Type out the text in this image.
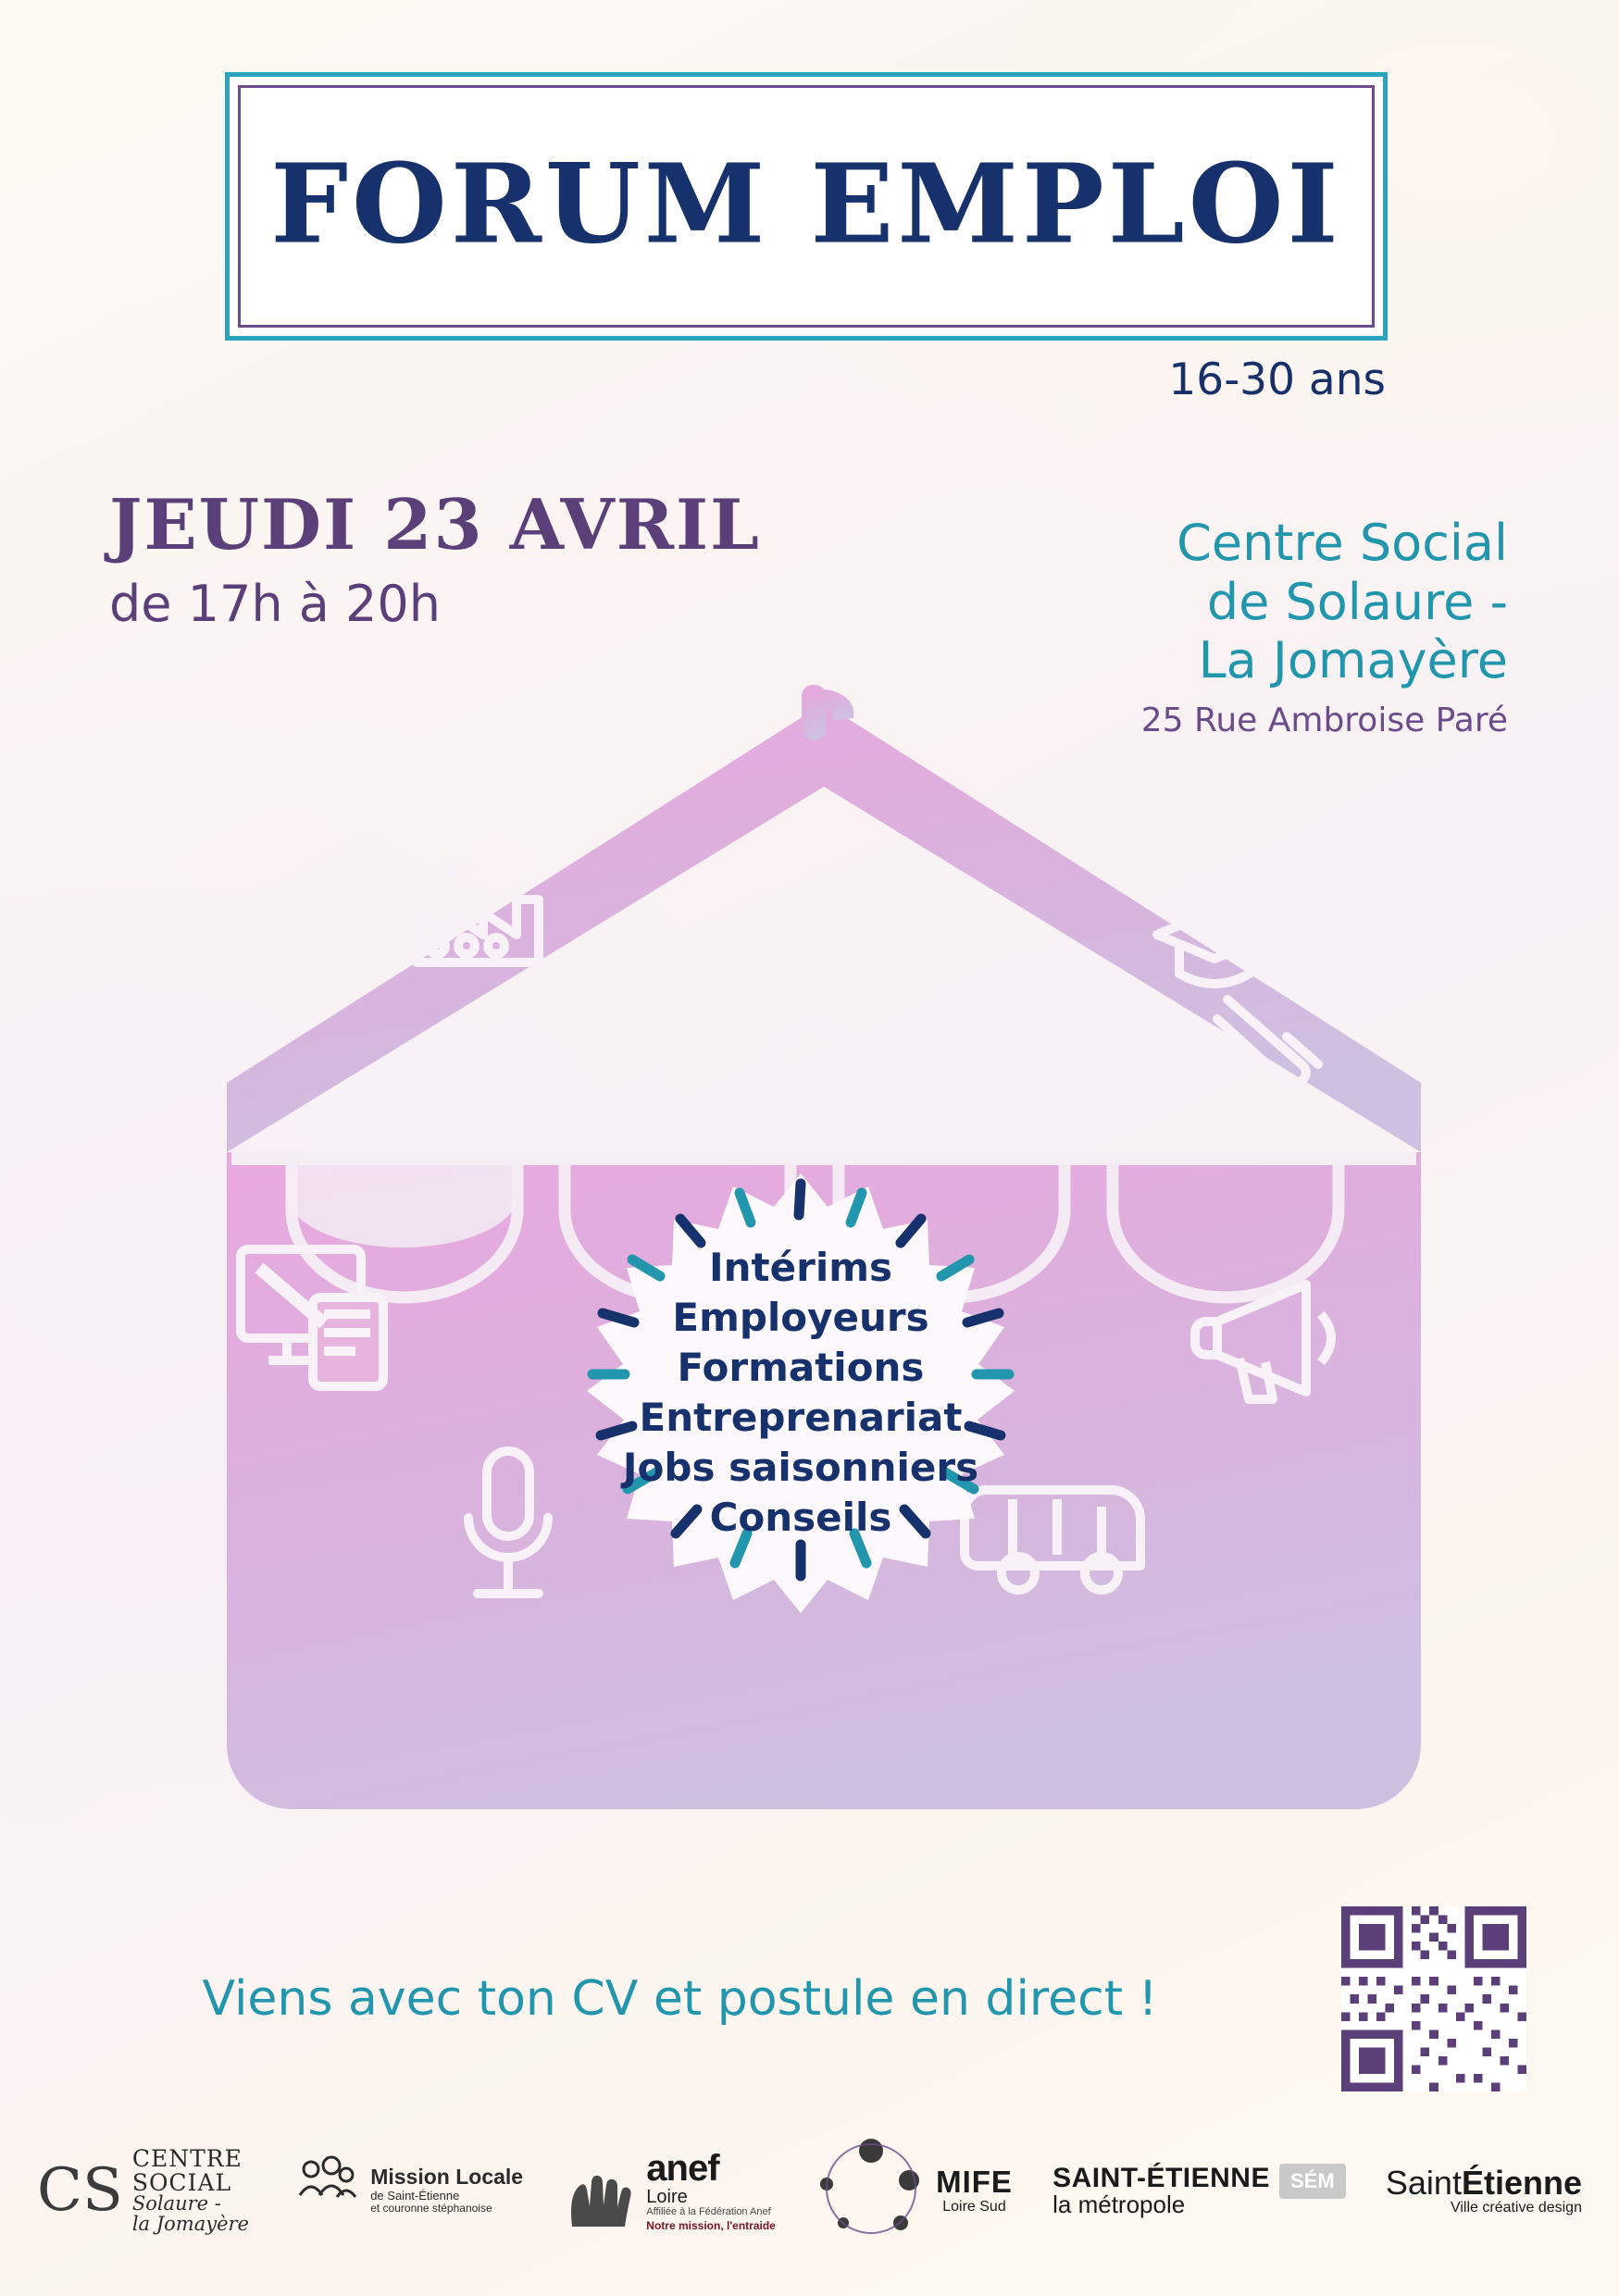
FORUM EMPLOI
16-30 ans
JEUDI 23 AVRIL
de 17h à 20h
Centre Social
de Solaure -
La Jomayère
25 Rue Ambroise Paré
Intérims
Employeurs
Formations
Entreprenariat
Jobs saisonniers
Conseils
Viens avec ton CV et postule en direct !
CS CENTRE
SOCIAL
Solaure -
la Jomayère
Mission Locale
de Saint-Étienne
et couronne stéphanoise
anef
Loire
Affiliée à la Fédération Anef
Notre mission, l'entraide
MIFE
Loire Sud
SAINT-ÉTIENNE
la métropole
SÉM	SaintÉtienne
Ville créative design
